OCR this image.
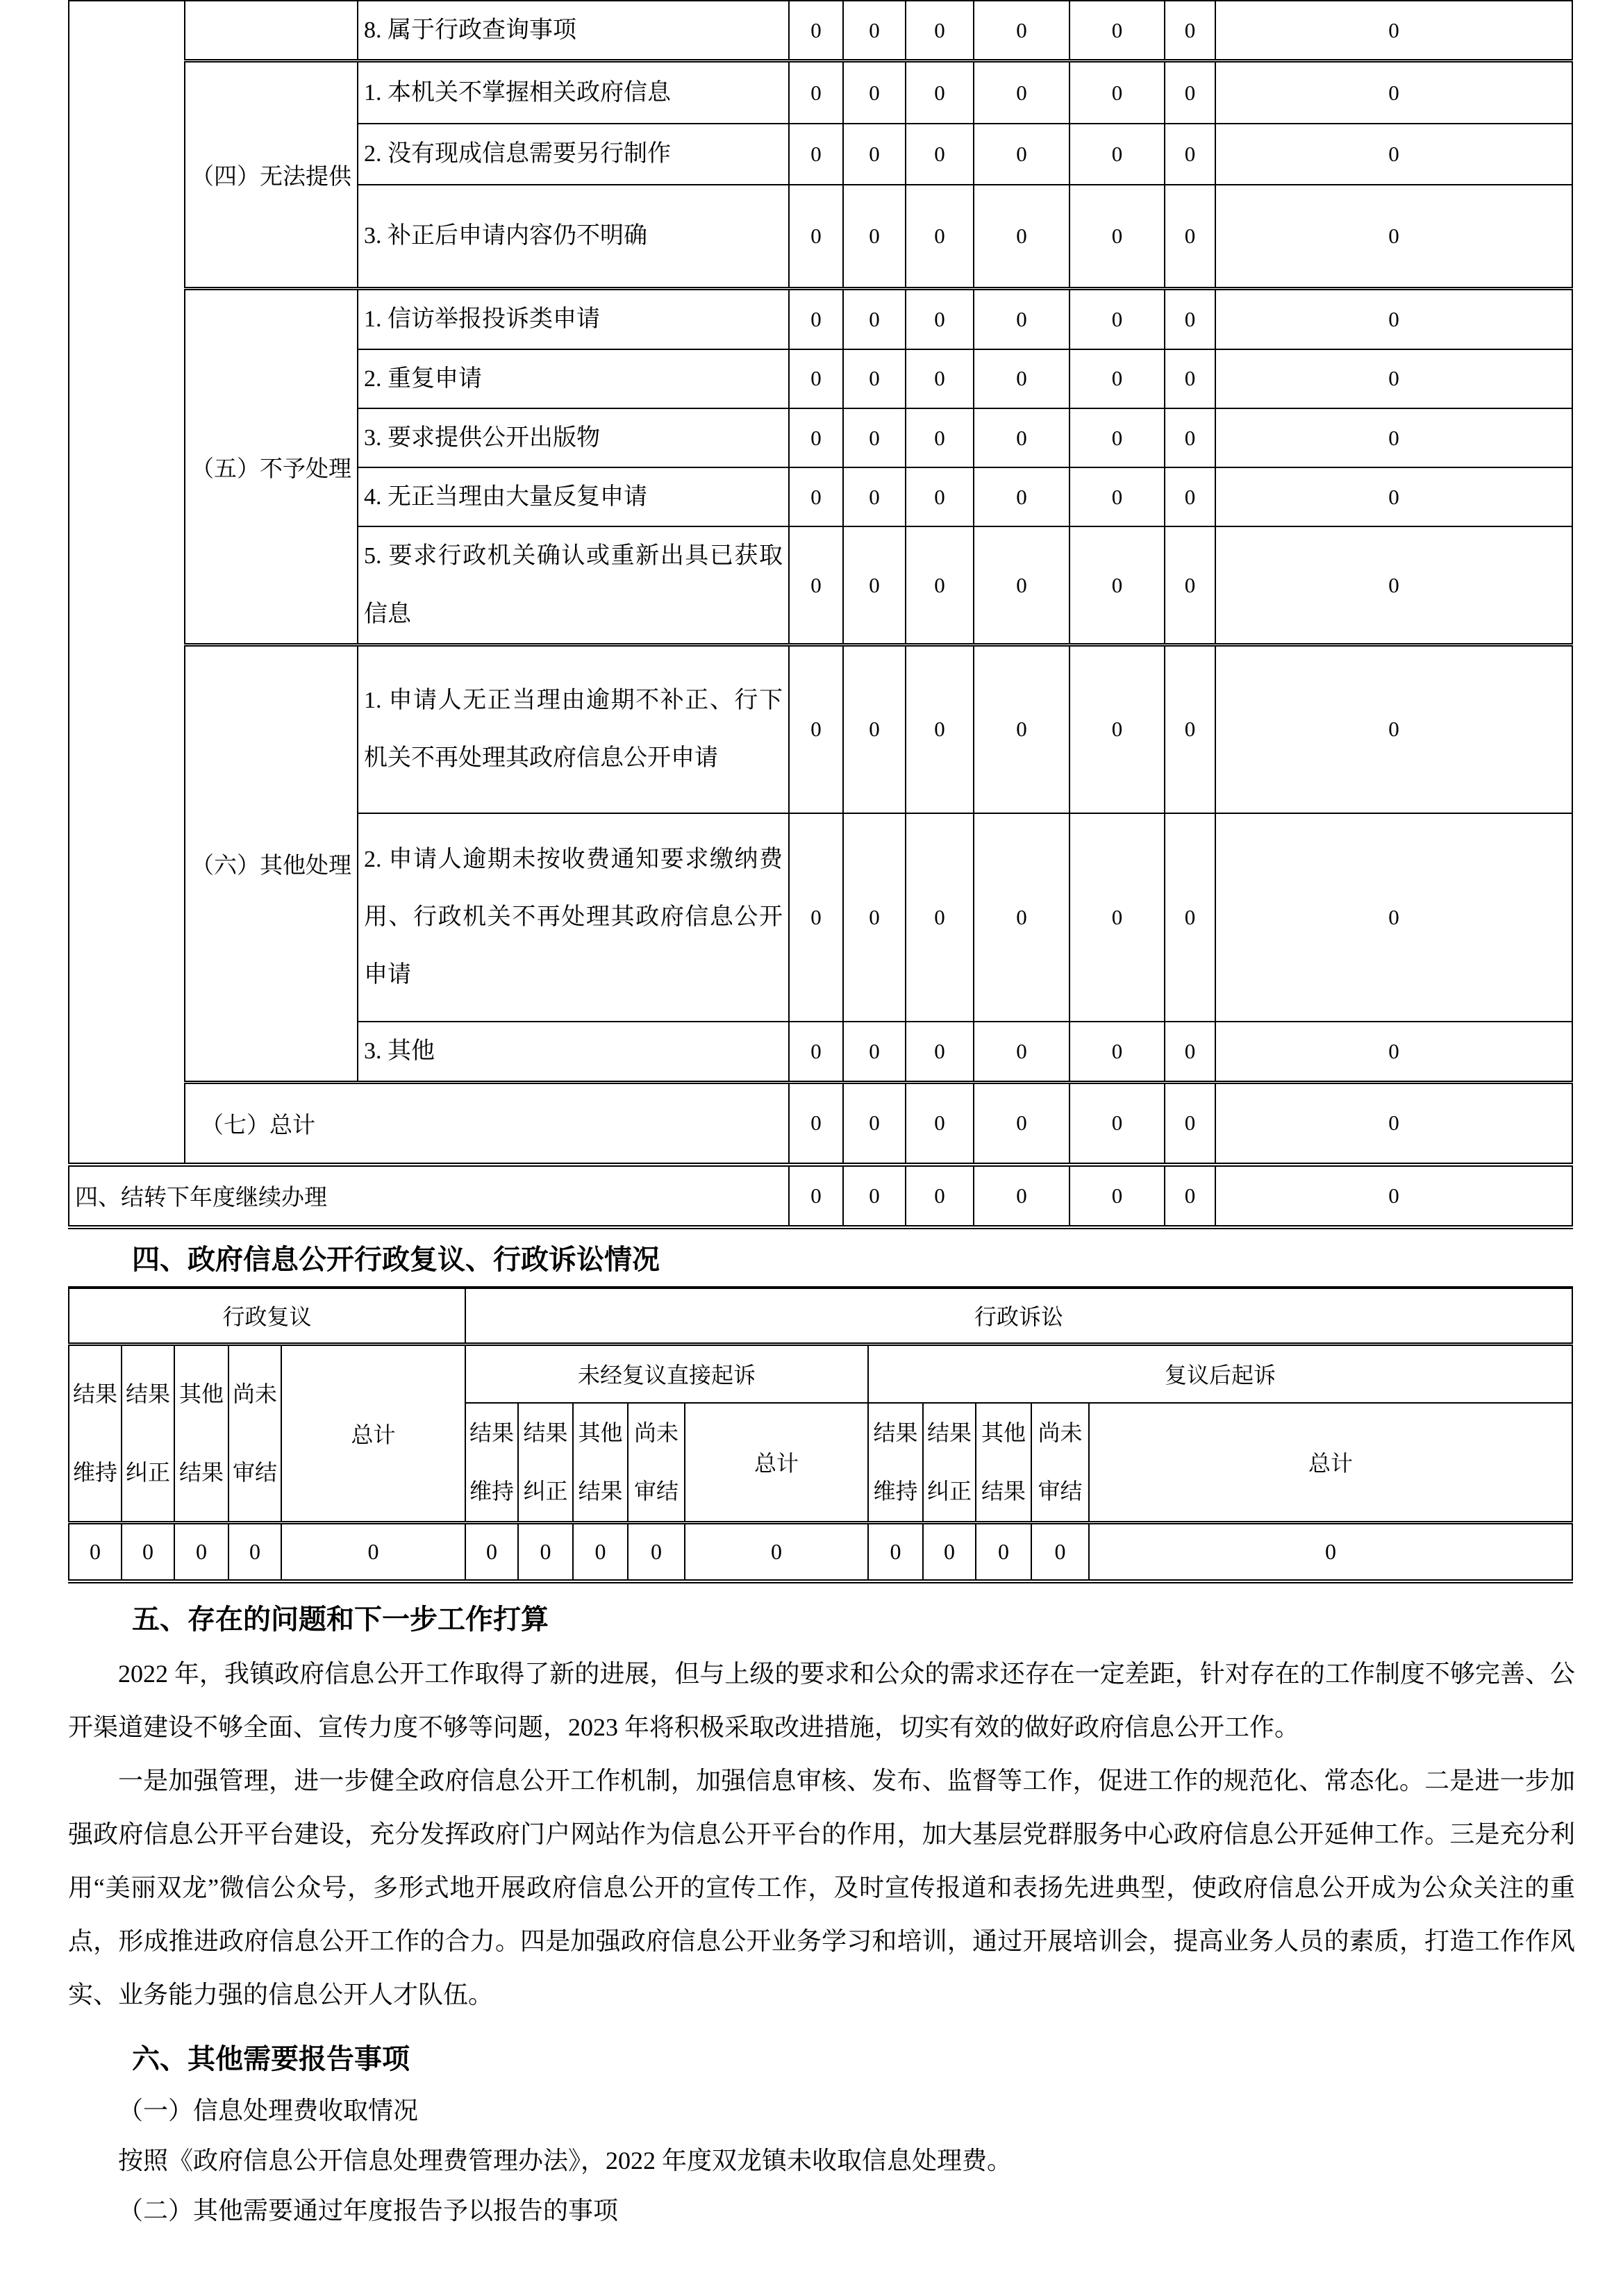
		8. 属于行政查询事项	0	0	0	0	0	0	0
	（四）无法提供	1. 本机关不掌握相关政府信息	0	0	0	0	0	0	0
		2. 没有现成信息需要另行制作	0	0	0	0	0	0	0
		3. 补正后申请内容仍不明确	0	0	0	0	0	0	0
	（五）不予处理	1. 信访举报投诉类申请	0	0	0	0	0	0	0
		2. 重复申请	0	0	0	0	0	0	0
		3. 要求提供公开出版物	0	0	0	0	0	0	0
		4. 无正当理由大量反复申请	0	0	0	0	0	0	0
		5. 要求行政机关确认或重新出具已获取信息	0	0	0	0	0	0	0
	（六）其他处理	1. 申请人无正当理由逾期不补正、行下机关不再处理其政府信息公开申请	0	0	0	0	0	0	0
		2. 申请人逾期未按收费通知要求缴纳费用、行政机关不再处理其政府信息公开申请	0	0	0	0	0	0	0
		3. 其他	0	0	0	0	0	0	0
	（七）总计		0	0	0	0	0	0	0
四、结转下年度继续办理			0	0	0	0	0	0	0
四、政府信息公开行政复议、行政诉讼情况
行政复议					行政诉讼									
结果维持	结果纠正	其他结果	尚未审结	总计	未经复议直接起诉					复议后起诉				
					结果维持	结果纠正	其他结果	尚未审结	总计	结果维持	结果纠正	其他结果	尚未审结	总计
0	0	0	0	0	0	0	0	0	0	0	0	0	0	0
五、存在的问题和下一步工作打算

2022 年，我镇政府信息公开工作取得了新的进展，但与上级的要求和公众的需求还存在一定差距，针对存在的工作制度不够完善、公开渠道建设不够全面、宣传力度不够等问题，2023 年将积极采取改进措施，切实有效的做好政府信息公开工作。

一是加强管理，进一步健全政府信息公开工作机制，加强信息审核、发布、监督等工作，促进工作的规范化、常态化。二是进一步加强政府信息公开平台建设，充分发挥政府门户网站作为信息公开平台的作用，加大基层党群服务中心政府信息公开延伸工作。三是充分利用“美丽双龙”微信公众号，多形式地开展政府信息公开的宣传工作，及时宣传报道和表扬先进典型，使政府信息公开成为公众关注的重点，形成推进政府信息公开工作的合力。四是加强政府信息公开业务学习和培训，通过开展培训会，提高业务人员的素质，打造工作作风实、业务能力强的信息公开人才队伍。

六、其他需要报告事项

（一）信息处理费收取情况

按照《政府信息公开信息处理费管理办法》，2022 年度双龙镇未收取信息处理费。

（二）其他需要通过年度报告予以报告的事项
